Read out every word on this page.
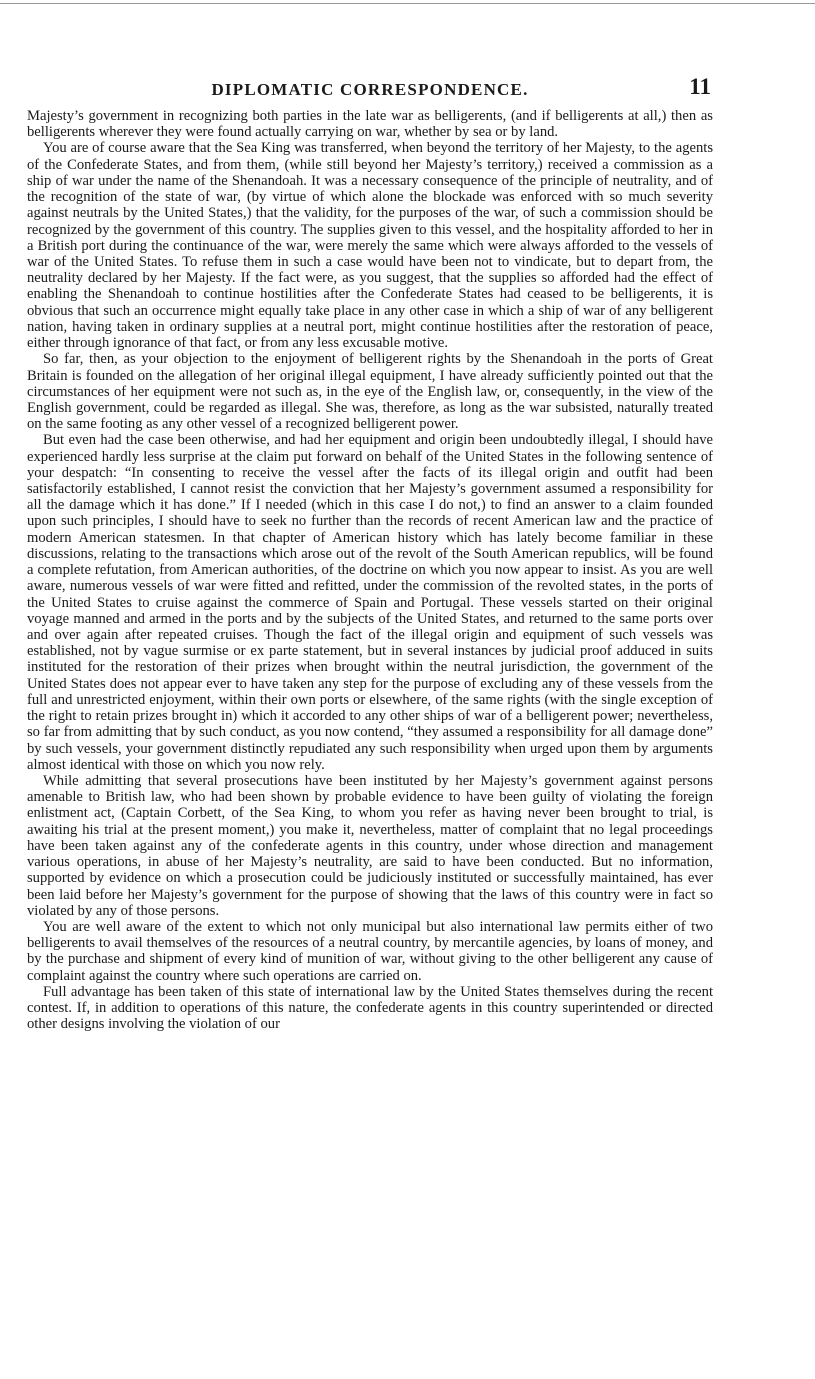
DIPLOMATIC CORRESPONDENCE.	11

Majesty’s government in recognizing both parties in the late war as belligerents, (and if belligerents at all,) then as belligerents wherever they were found actually carrying on war, whether by sea or by land.

You are of course aware that the Sea King was transferred, when beyond the territory of her Majesty, to the agents of the Confederate States, and from them, (while still beyond her Majesty’s territory,) received a commission as a ship of war under the name of the Shenandoah. It was a necessary consequence of the principle of neutrality, and of the recognition of the state of war, (by virtue of which alone the blockade was enforced with so much severity against neutrals by the United States,) that the validity, for the purposes of the war, of such a commission should be recognized by the government of this country. The supplies given to this vessel, and the hospitality afforded to her in a British port during the continuance of the war, were merely the same which were always afforded to the vessels of war of the United States. To refuse them in such a case would have been not to vindicate, but to depart from, the neutrality declared by her Majesty. If the fact were, as you suggest, that the supplies so afforded had the effect of enabling the Shenandoah to continue hostilities after the Confederate States had ceased to be belligerents, it is obvious that such an occurrence might equally take place in any other case in which a ship of war of any belligerent nation, having taken in ordinary supplies at a neutral port, might continue hostilities after the restoration of peace, either through ignorance of that fact, or from any less excusable motive.

So far, then, as your objection to the enjoyment of belligerent rights by the Shenandoah in the ports of Great Britain is founded on the allegation of her original illegal equipment, I have already sufficiently pointed out that the circumstances of her equipment were not such as, in the eye of the English law, or, consequently, in the view of the English government, could be regarded as illegal. She was, therefore, as long as the war subsisted, naturally treated on the same footing as any other vessel of a recognized belligerent power.

But even had the case been otherwise, and had her equipment and origin been undoubtedly illegal, I should have experienced hardly less surprise at the claim put forward on behalf of the United States in the following sentence of your despatch: “In consenting to receive the vessel after the facts of its illegal origin and outfit had been satisfactorily established, I cannot resist the conviction that her Majesty’s government assumed a responsibility for all the damage which it has done.” If I needed (which in this case I do not,) to find an answer to a claim founded upon such principles, I should have to seek no further than the records of recent American law and the practice of modern American statesmen. In that chapter of American history which has lately become familiar in these discussions, relating to the transactions which arose out of the revolt of the South American republics, will be found a complete refutation, from American authorities, of the doctrine on which you now appear to insist. As you are well aware, numerous vessels of war were fitted and refitted, under the commission of the revolted states, in the ports of the United States to cruise against the commerce of Spain and Portugal. These vessels started on their original voyage manned and armed in the ports and by the subjects of the United States, and returned to the same ports over and over again after repeated cruises. Though the fact of the illegal origin and equipment of such vessels was established, not by vague surmise or ex parte statement, but in several instances by judicial proof adduced in suits instituted for the restoration of their prizes when brought within the neutral jurisdiction, the government of the United States does not appear ever to have taken any step for the purpose of excluding any of these vessels from the full and unrestricted enjoyment, within their own ports or elsewhere, of the same rights (with the single exception of the right to retain prizes brought in) which it accorded to any other ships of war of a belligerent power; nevertheless, so far from admitting that by such conduct, as you now contend, “they assumed a responsibility for all damage done” by such vessels, your government distinctly repudiated any such responsibility when urged upon them by arguments almost identical with those on which you now rely.

While admitting that several prosecutions have been instituted by her Majesty’s government against persons amenable to British law, who had been shown by probable evidence to have been guilty of violating the foreign enlistment act, (Captain Corbett, of the Sea King, to whom you refer as having never been brought to trial, is awaiting his trial at the present moment,) you make it, nevertheless, matter of complaint that no legal proceedings have been taken against any of the confederate agents in this country, under whose direction and management various operations, in abuse of her Majesty’s neutrality, are said to have been conducted. But no information, supported by evidence on which a prosecution could be judiciously instituted or successfully maintained, has ever been laid before her Majesty’s government for the purpose of showing that the laws of this country were in fact so violated by any of those persons.

You are well aware of the extent to which not only municipal but also international law permits either of two belligerents to avail themselves of the resources of a neutral country, by mercantile agencies, by loans of money, and by the purchase and shipment of every kind of munition of war, without giving to the other belligerent any cause of complaint against the country where such operations are carried on.

Full advantage has been taken of this state of international law by the United States themselves during the recent contest. If, in addition to operations of this nature, the confederate agents in this country superintended or directed other designs involving the violation of our
